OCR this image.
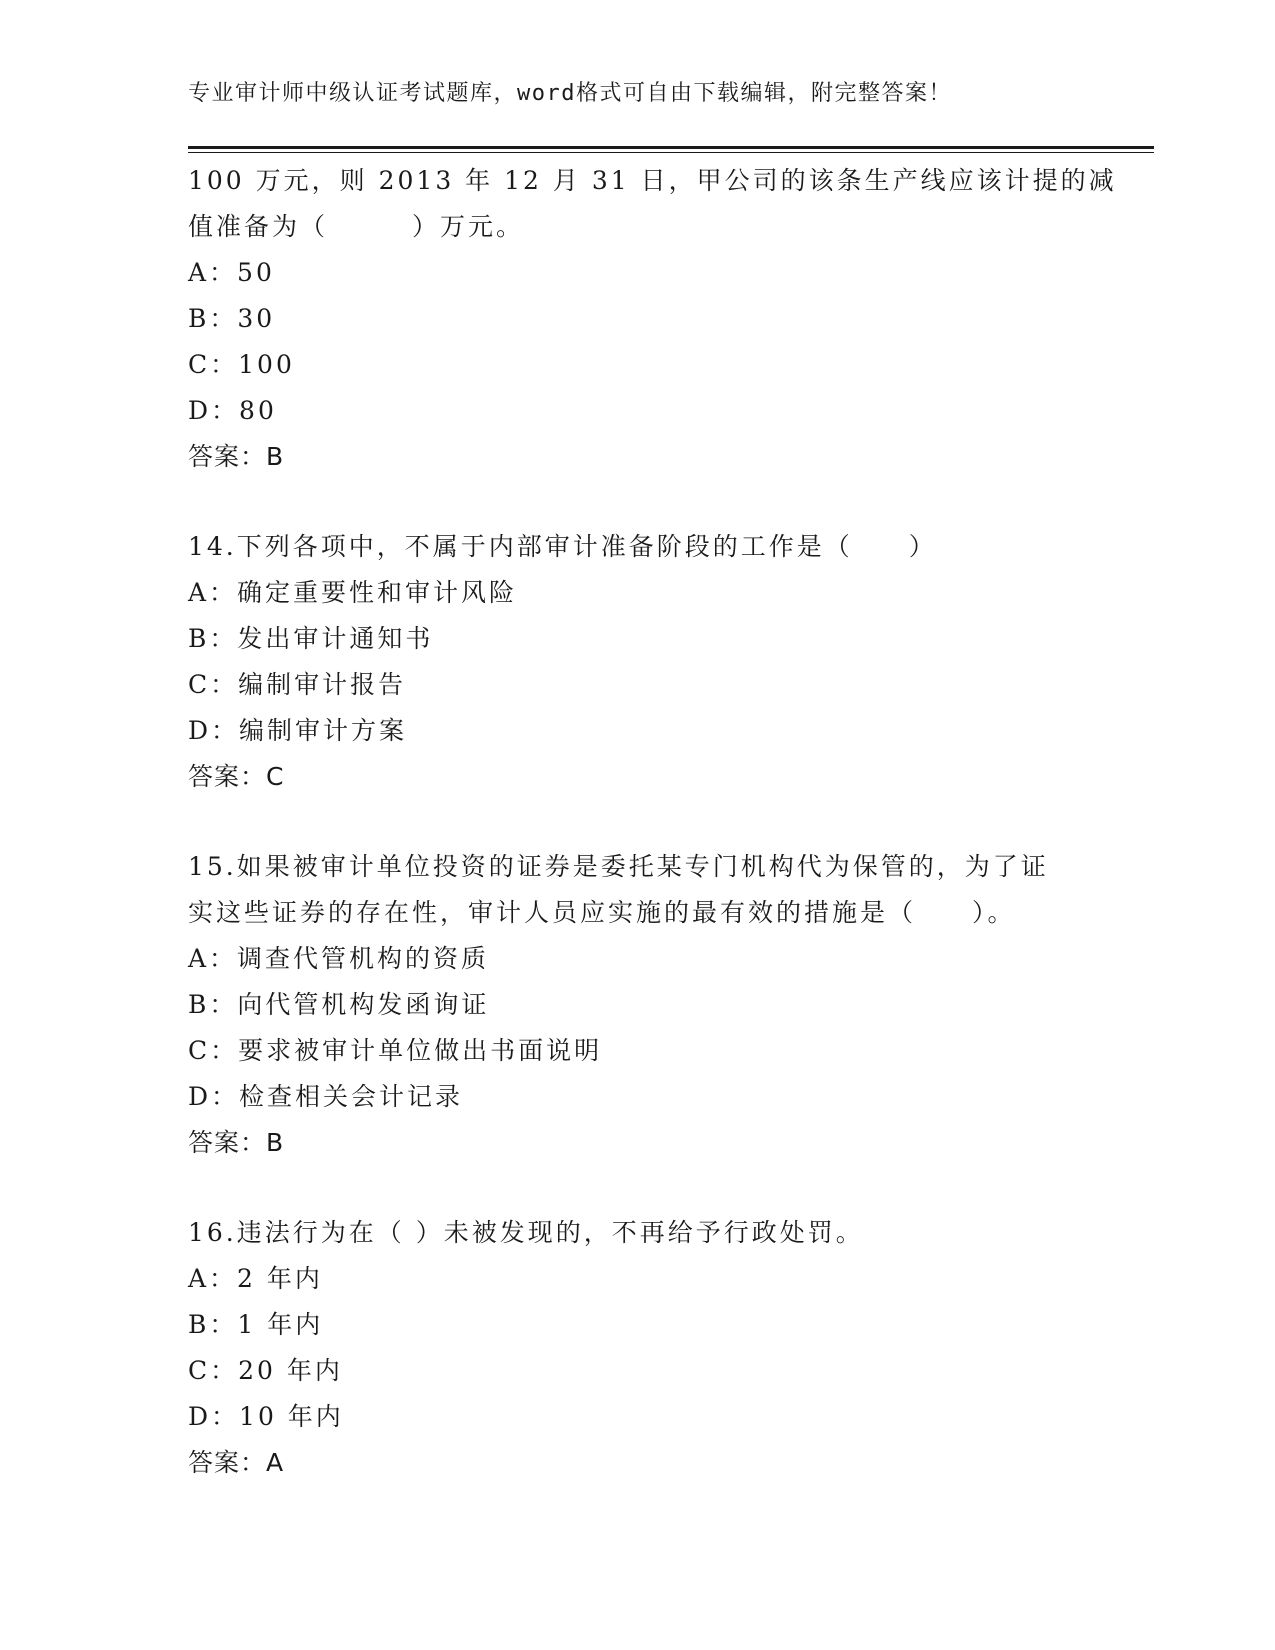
专业审计师中级认证考试题库，word格式可自由下载编辑，附完整答案！
100 万元，则 2013 年 12 月 31 日，甲公司的该条生产线应该计提的减
值准备为（　　　）万元。
A：50
B：30
C：100
D：80
答案：B
14.下列各项中，不属于内部审计准备阶段的工作是（　　）
A：确定重要性和审计风险
B：发出审计通知书
C：编制审计报告
D：编制审计方案
答案：C
15.如果被审计单位投资的证券是委托某专门机构代为保管的，为了证
实这些证券的存在性，审计人员应实施的最有效的措施是（　　）。
A：调查代管机构的资质
B：向代管机构发函询证
C：要求被审计单位做出书面说明
D：检查相关会计记录
答案：B
16.违法行为在（ ）未被发现的，不再给予行政处罚。
A：2 年内
B：1 年内
C：20 年内
D：10 年内
答案：A
